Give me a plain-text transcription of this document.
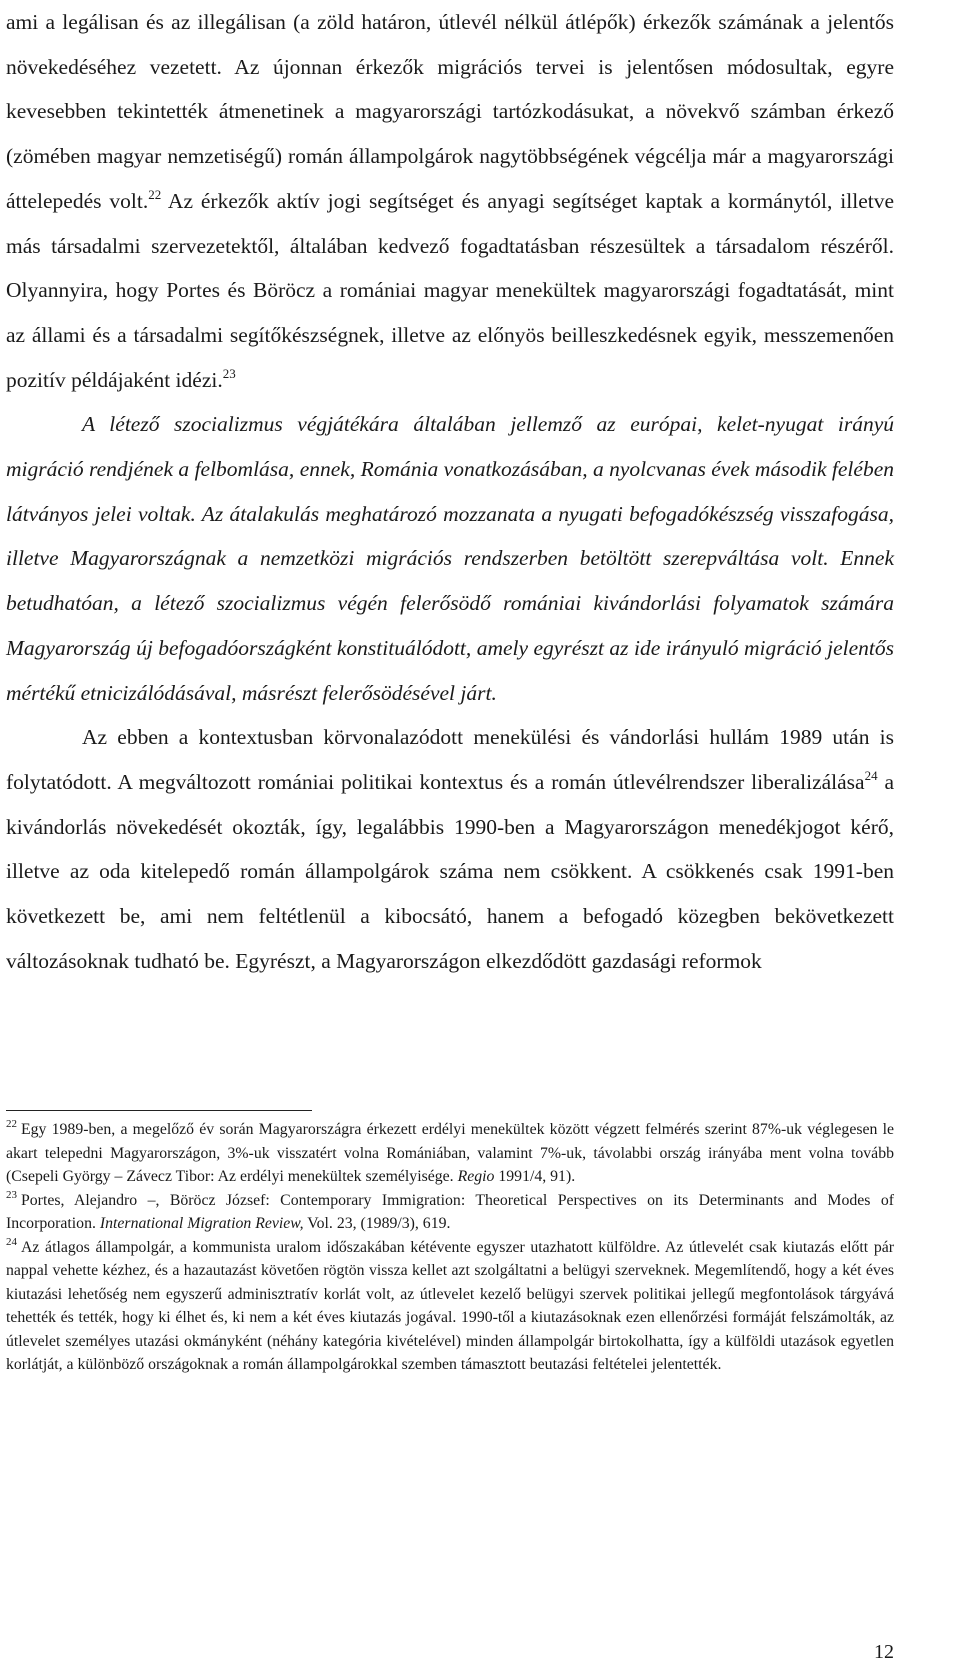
ami a legálisan és az illegálisan (a zöld határon, útlevél nélkül átlépők) érkezők számának a jelentős növekedéséhez vezetett. Az újonnan érkezők migrációs tervei is jelentősen módosultak, egyre kevesebben tekintették átmenetinek a magyarországi tartózkodásukat, a növekvő számban érkező (zömében magyar nemzetiségű) román állampolgárok nagytöbbségének végcélja már a magyarországi áttelepedés volt.$^{22}$ Az érkezők aktív jogi segítséget és anyagi segítséget kaptak a kormánytól, illetve más társadalmi szervezetektől, általában kedvező fogadtatásban részesültek a társadalom részéről. Olyannyira, hogy Portes és Böröcz a romániai magyar menekültek magyarországi fogadtatását, mint az állami és a társadalmi segítőkészségnek, illetve az előnyös beilleszkedésnek egyik, messzemenően pozitív példájaként idézi.$^{23}$

A létező szocializmus végjátékára általában jellemző az európai, kelet-nyugat irányú migráció rendjének a felbomlása, ennek, Románia vonatkozásában, a nyolcvanas évek második felében látványos jelei voltak. Az átalakulás meghatározó mozzanata a nyugati befogadókészség visszafogása, illetve Magyarországnak a nemzetközi migrációs rendszerben betöltött szerepváltása volt. Ennek betudhatóan, a létező szocializmus végén felerősödő romániai kivándorlási folyamatok számára Magyarország új befogadóországként konstituálódott, amely egyrészt az ide irányuló migráció jelentős mértékű etnicizálódásával, másrészt felerősödésével járt.

Az ebben a kontextusban körvonalazódott menekülési és vándorlási hullám 1989 után is folytatódott. A megváltozott romániai politikai kontextus és a román útlevélrendszer liberalizálása$^{24}$ a kivándorlás növekedését okozták, így, legalábbis 1990-ben a Magyarországon menedékjogot kérő, illetve az oda kitelepedő román állampolgárok száma nem csökkent. A csökkenés csak 1991-ben következett be, ami nem feltétlenül a kibocsátó, hanem a befogadó közegben bekövetkezett változásoknak tudható be. Egyrészt, a Magyarországon elkezdődött gazdasági reformok

$^{22}$ Egy 1989-ben, a megelőző év során Magyarországra érkezett erdélyi menekültek között végzett felmérés szerint 87%-uk véglegesen le akart telepedni Magyarországon, 3%-uk visszatért volna Romániában, valamint 7%-uk, távolabbi ország irányába ment volna tovább (Csepeli György – Závecz Tibor: Az erdélyi menekültek személyisége. Regio 1991/4, 91).

$^{23}$ Portes, Alejandro –, Böröcz József: Contemporary Immigration: Theoretical Perspectives on its Determinants and Modes of Incorporation. International Migration Review, Vol. 23, (1989/3), 619.

$^{24}$ Az átlagos állampolgár, a kommunista uralom időszakában kétévente egyszer utazhatott külföldre. Az útlevelét csak kiutazás előtt pár nappal vehette kézhez, és a hazautazást követően rögtön vissza kellet azt szolgáltatni a belügyi szerveknek. Megemlítendő, hogy a két éves kiutazási lehetőség nem egyszerű adminisztratív korlát volt, az útlevelet kezelő belügyi szervek politikai jellegű megfontolások tárgyává tehették és tették, hogy ki élhet és, ki nem a két éves kiutazás jogával. 1990-től a kiutazásoknak ezen ellenőrzési formáját felszámolták, az útlevelet személyes utazási okmányként (néhány kategória kivételével) minden állampolgár birtokolhatta, így a külföldi utazások egyetlen korlátját, a különböző országoknak a román állampolgárokkal szemben támasztott beutazási feltételei jelentették.

12
